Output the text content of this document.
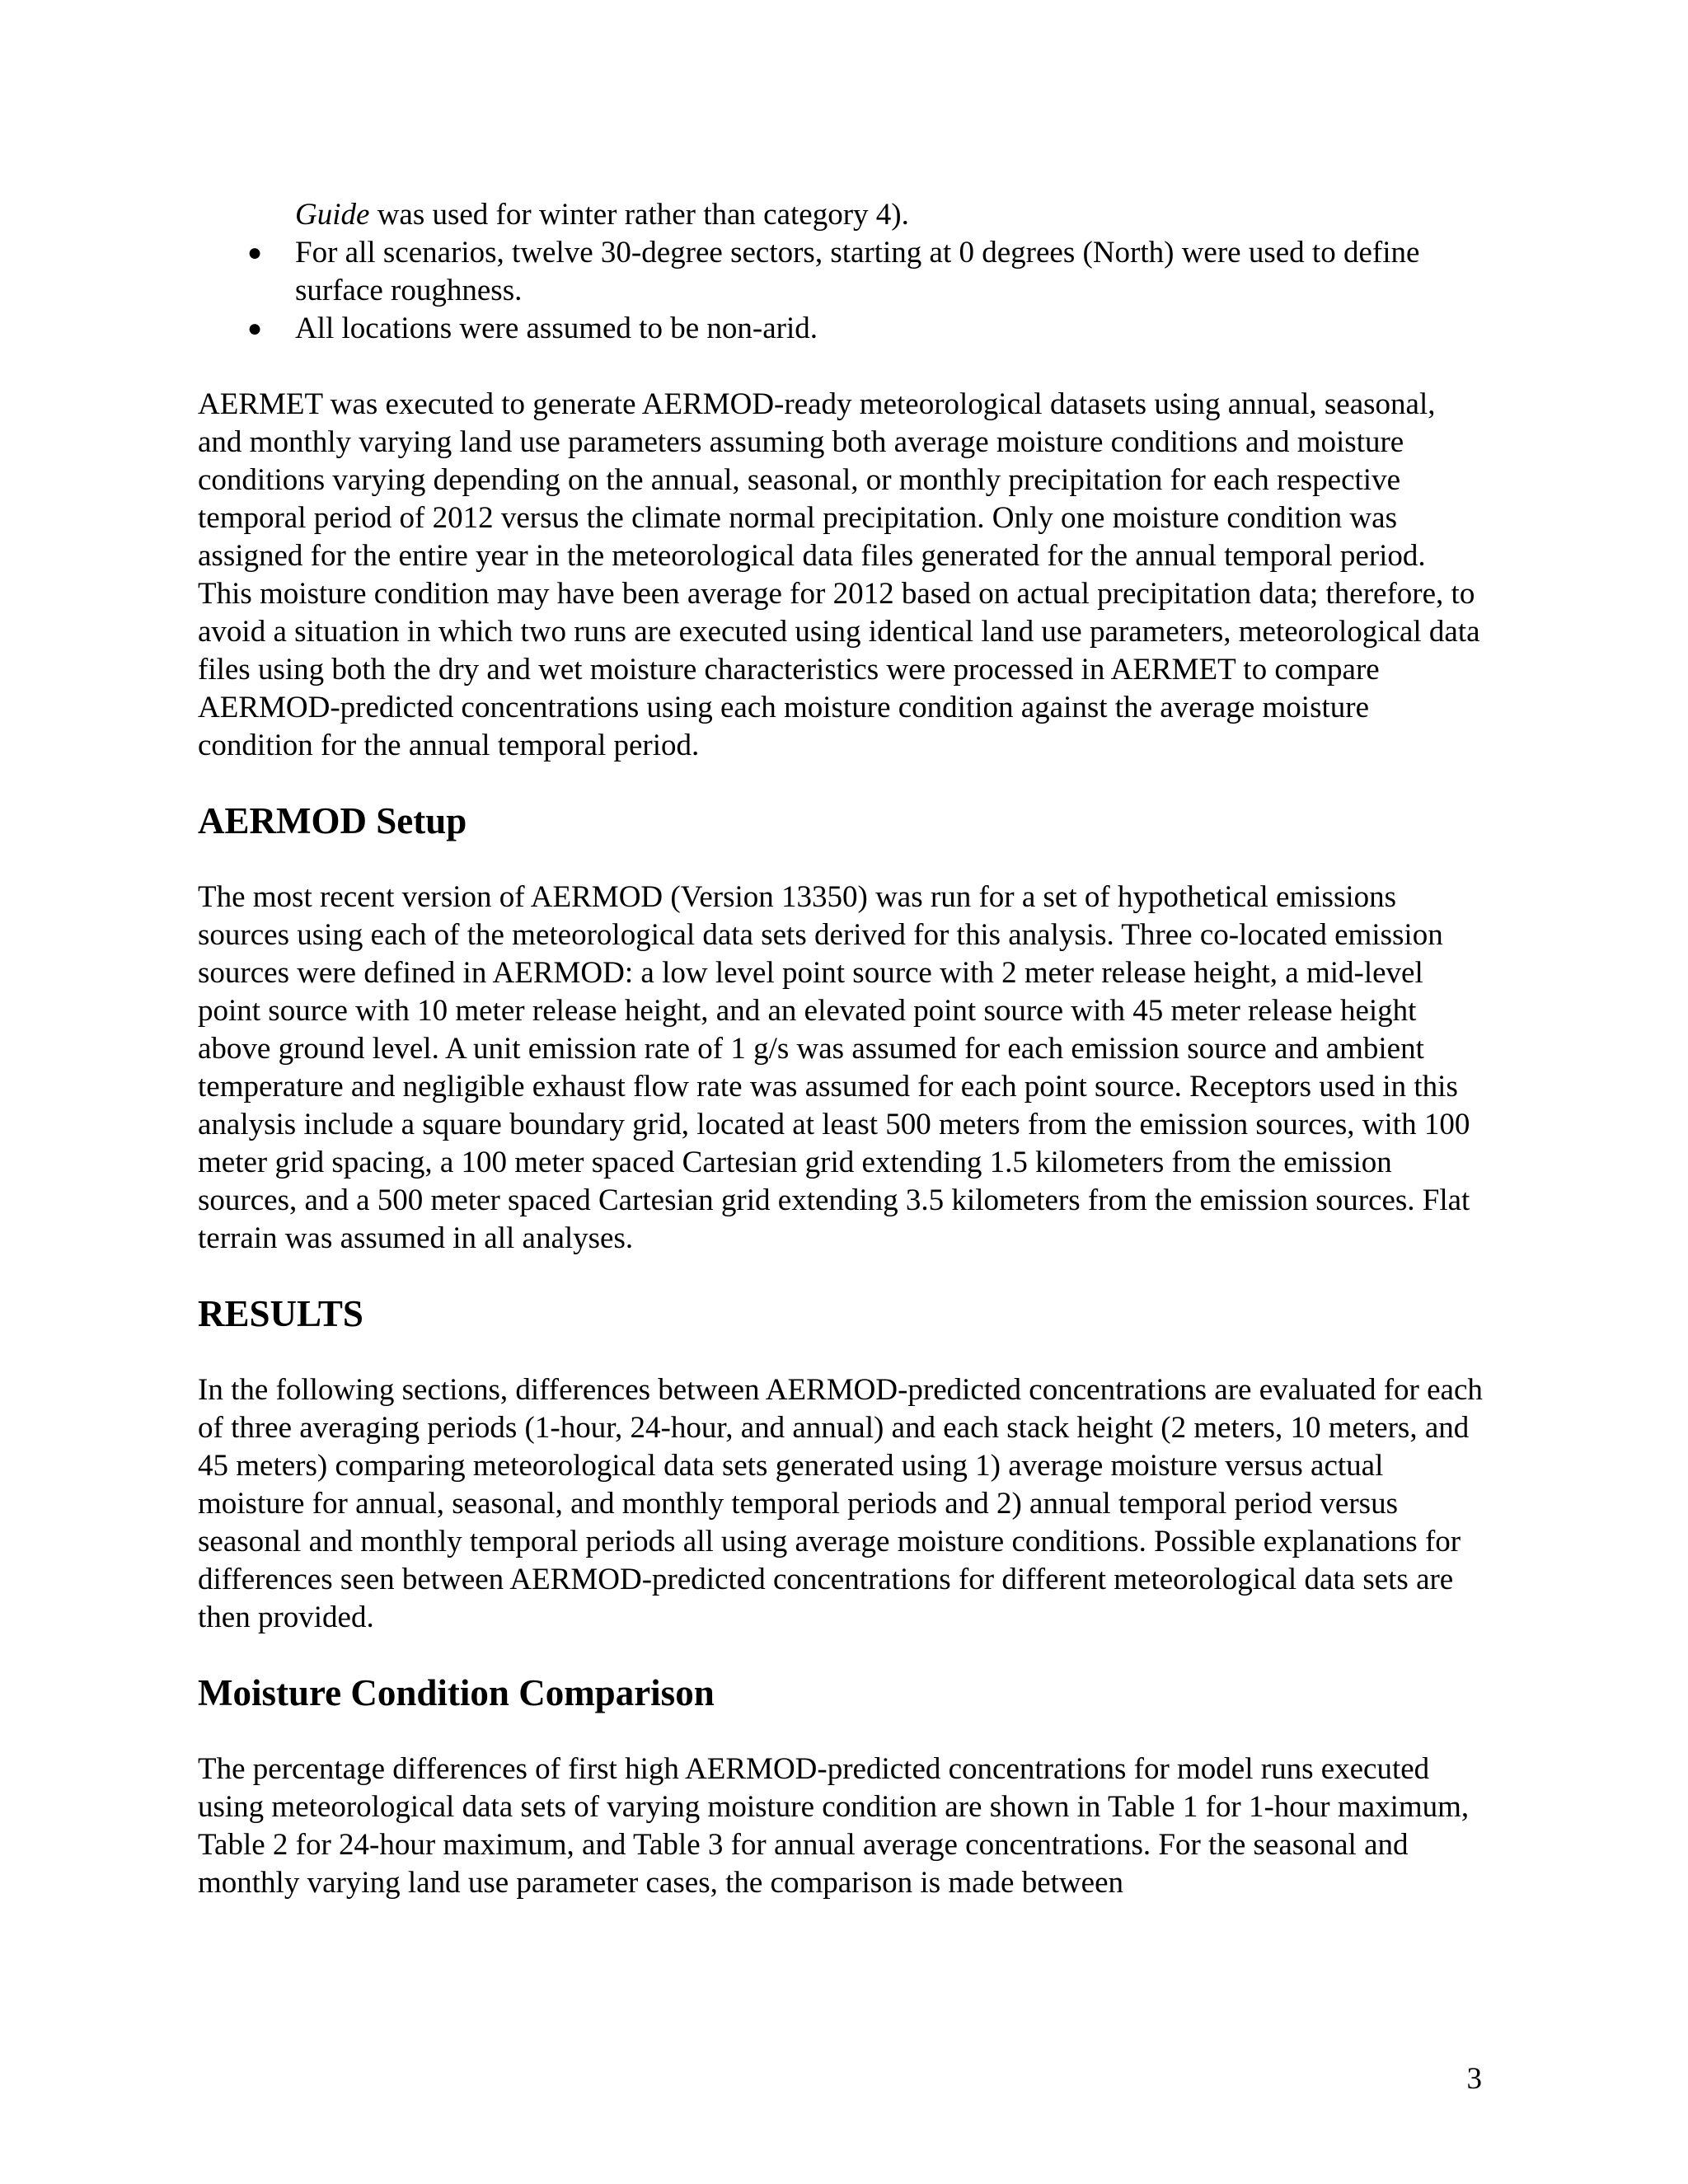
Guide was used for winter rather than category 4).

● For all scenarios, twelve 30-degree sectors, starting at 0 degrees (North) were used to define surface roughness.
● All locations were assumed to be non-arid.

AERMET was executed to generate AERMOD-ready meteorological datasets using annual, seasonal, and monthly varying land use parameters assuming both average moisture conditions and moisture conditions varying depending on the annual, seasonal, or monthly precipitation for each respective temporal period of 2012 versus the climate normal precipitation. Only one moisture condition was assigned for the entire year in the meteorological data files generated for the annual temporal period. This moisture condition may have been average for 2012 based on actual precipitation data; therefore, to avoid a situation in which two runs are executed using identical land use parameters, meteorological data files using both the dry and wet moisture characteristics were processed in AERMET to compare AERMOD-predicted concentrations using each moisture condition against the average moisture condition for the annual temporal period.

AERMOD Setup

The most recent version of AERMOD (Version 13350) was run for a set of hypothetical emissions sources using each of the meteorological data sets derived for this analysis. Three co-located emission sources were defined in AERMOD: a low level point source with 2 meter release height, a mid-level point source with 10 meter release height, and an elevated point source with 45 meter release height above ground level. A unit emission rate of 1 g/s was assumed for each emission source and ambient temperature and negligible exhaust flow rate was assumed for each point source. Receptors used in this analysis include a square boundary grid, located at least 500 meters from the emission sources, with 100 meter grid spacing, a 100 meter spaced Cartesian grid extending 1.5 kilometers from the emission sources, and a 500 meter spaced Cartesian grid extending 3.5 kilometers from the emission sources. Flat terrain was assumed in all analyses.

RESULTS

In the following sections, differences between AERMOD-predicted concentrations are evaluated for each of three averaging periods (1-hour, 24-hour, and annual) and each stack height (2 meters, 10 meters, and 45 meters) comparing meteorological data sets generated using 1) average moisture versus actual moisture for annual, seasonal, and monthly temporal periods and 2) annual temporal period versus seasonal and monthly temporal periods all using average moisture conditions. Possible explanations for differences seen between AERMOD-predicted concentrations for different meteorological data sets are then provided.

Moisture Condition Comparison

The percentage differences of first high AERMOD-predicted concentrations for model runs executed using meteorological data sets of varying moisture condition are shown in Table 1 for 1-hour maximum, Table 2 for 24-hour maximum, and Table 3 for annual average concentrations. For the seasonal and monthly varying land use parameter cases, the comparison is made between

3
